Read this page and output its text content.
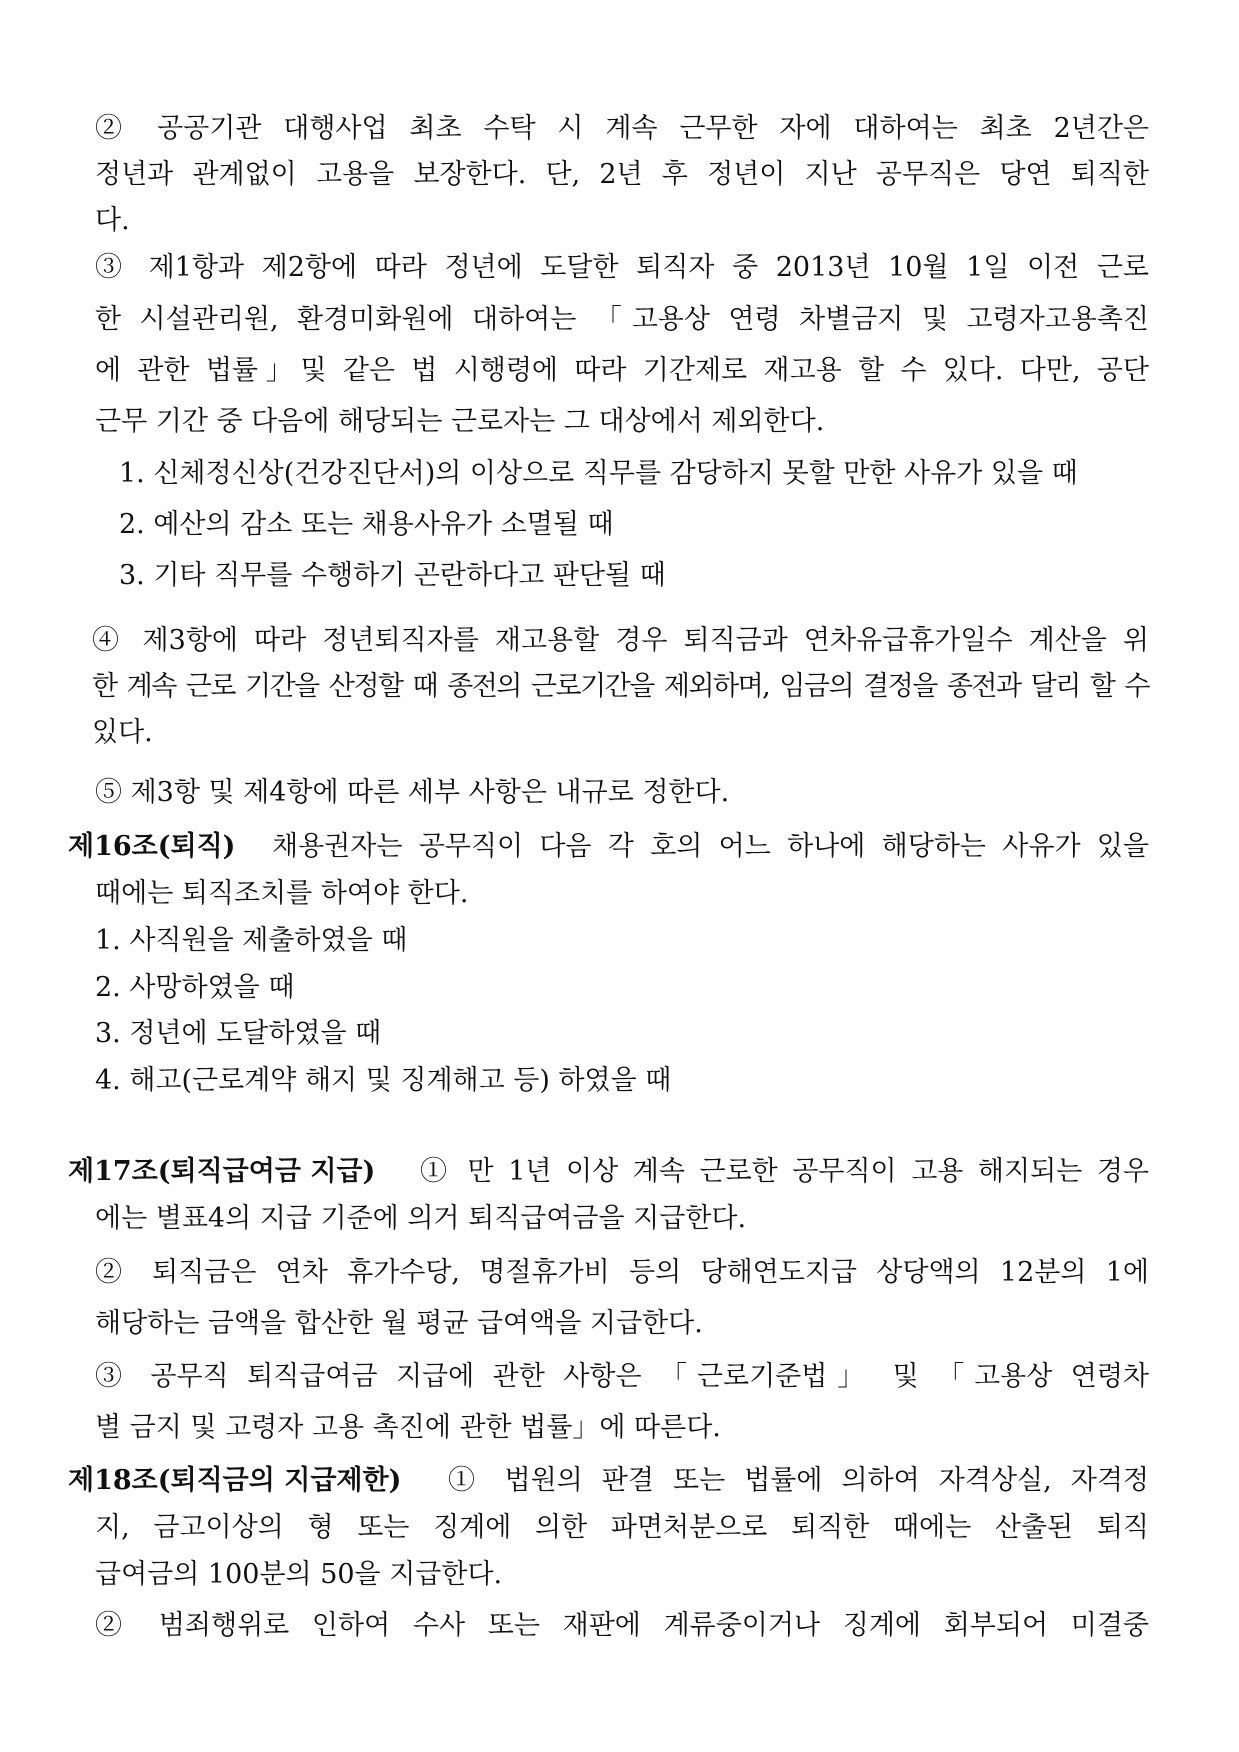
② 공공기관 대행사업 최초 수탁 시 계속 근무한 자에 대하여는 최초 2년간은
정년과 관계없이 고용을 보장한다. 단, 2년 후 정년이 지난 공무직은 당연 퇴직한
다.
③ 제1항과 제2항에 따라 정년에 도달한 퇴직자 중 2013년 10월 1일 이전 근로
한 시설관리원, 환경미화원에 대하여는 「고용상 연령 차별금지 및 고령자고용촉진
에 관한 법률」및 같은 법 시행령에 따라 기간제로 재고용 할 수 있다. 다만, 공단
근무 기간 중 다음에 해당되는 근로자는 그 대상에서 제외한다.
1. 신체정신상(건강진단서)의 이상으로 직무를 감당하지 못할 만한 사유가 있을 때
2. 예산의 감소 또는 채용사유가 소멸될 때
3. 기타 직무를 수행하기 곤란하다고 판단될 때
④ 제3항에 따라 정년퇴직자를 재고용할 경우 퇴직금과 연차유급휴가일수 계산을 위
한 계속 근로 기간을 산정할 때 종전의 근로기간을 제외하며, 임금의 결정을 종전과 달리 할 수
있다.
⑤ 제3항 및 제4항에 따른 세부 사항은 내규로 정한다.
제16조(퇴직) 채용권자는 공무직이 다음 각 호의 어느 하나에 해당하는 사유가 있을
때에는 퇴직조치를 하여야 한다.
1. 사직원을 제출하였을 때
2. 사망하였을 때
3. 정년에 도달하였을 때
4. 해고(근로계약 해지 및 징계해고 등) 하였을 때
제17조(퇴직급여금 지급) ① 만 1년 이상 계속 근로한 공무직이 고용 해지되는 경우
에는 별표4의 지급 기준에 의거 퇴직급여금을 지급한다.
② 퇴직금은 연차 휴가수당, 명절휴가비 등의 당해연도지급 상당액의 12분의 1에
해당하는 금액을 합산한 월 평균 급여액을 지급한다.
③ 공무직 퇴직급여금 지급에 관한 사항은 「근로기준법」 및 「고용상 연령차
별 금지 및 고령자 고용 촉진에 관한 법률」에 따른다.
제18조(퇴직금의 지급제한) ① 법원의 판결 또는 법률에 의하여 자격상실, 자격정
지, 금고이상의 형 또는 징계에 의한 파면처분으로 퇴직한 때에는 산출된 퇴직
급여금의 100분의 50을 지급한다.
② 범죄행위로 인하여 수사 또는 재판에 계류중이거나 징계에 회부되어 미결중
